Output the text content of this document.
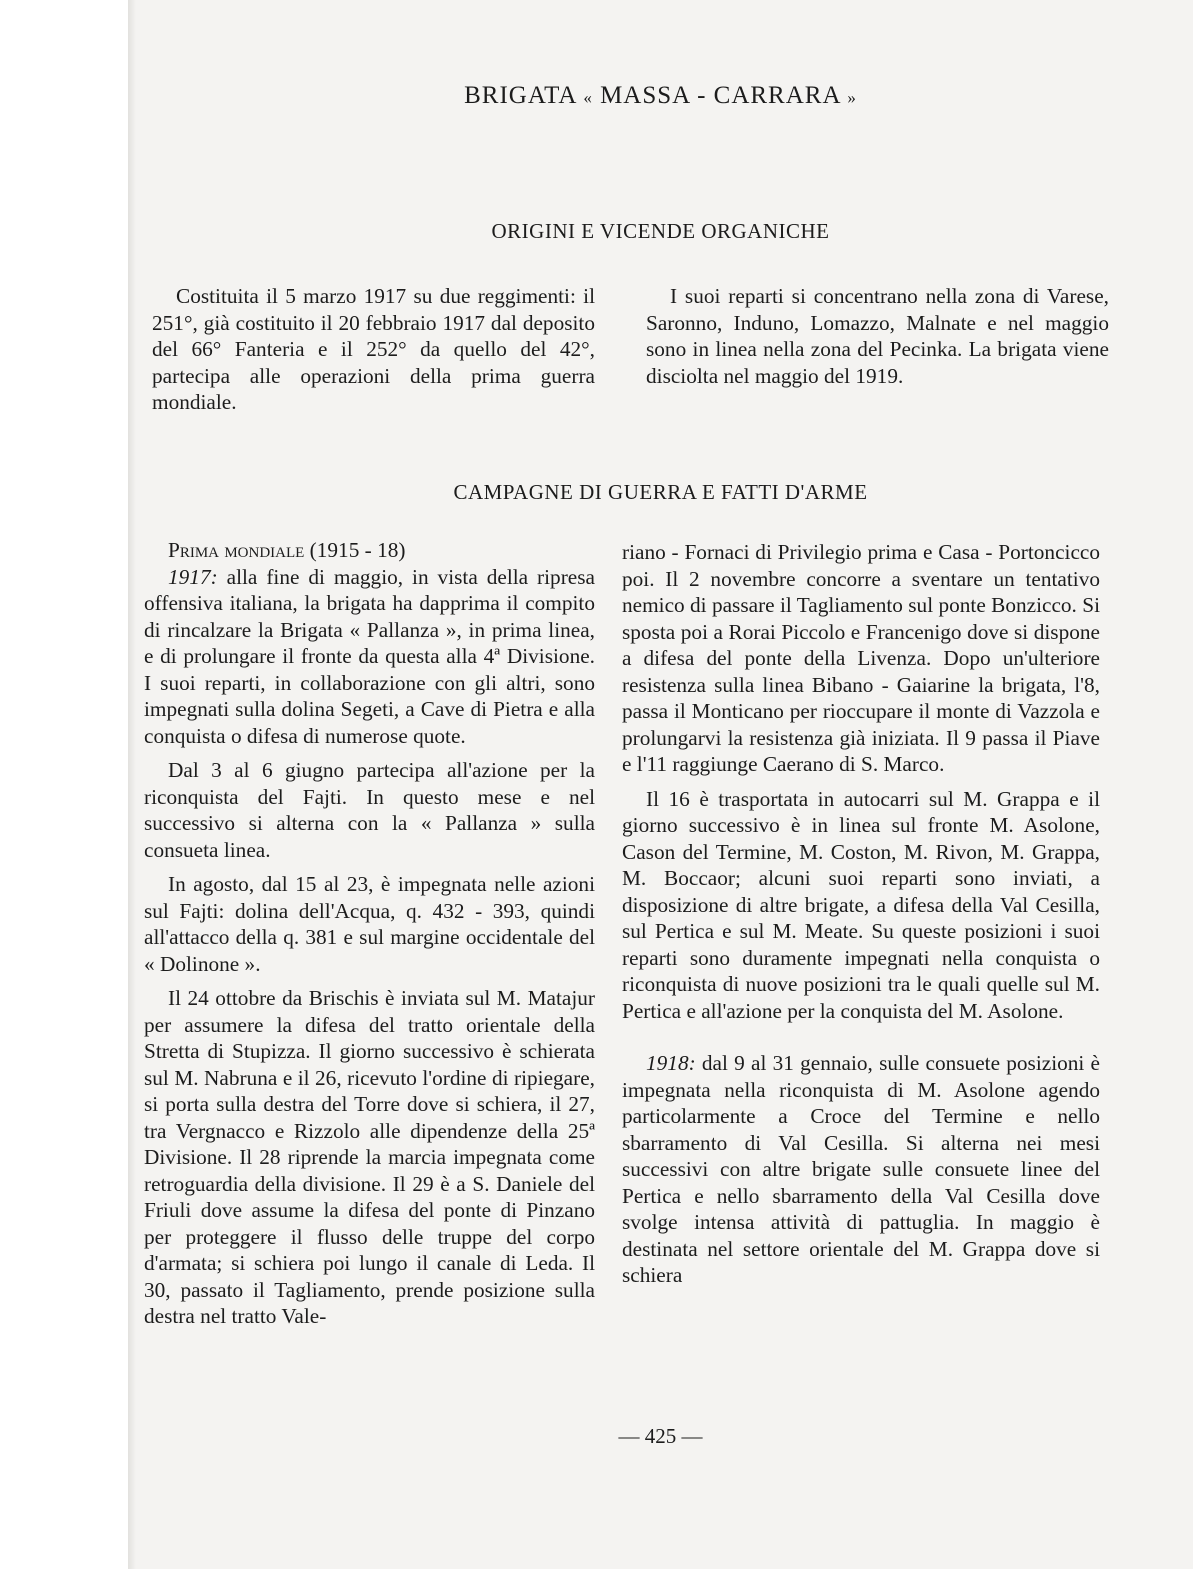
BRIGATA « MASSA - CARRARA »
ORIGINI E VICENDE ORGANICHE

Costituita il 5 marzo 1917 su due reggimenti: il 251°, già costituito il 20 febbraio 1917 dal deposito del 66° Fanteria e il 252° da quello del 42°, partecipa alle operazioni della prima guerra mondiale.

I suoi reparti si concentrano nella zona di Varese, Saronno, Induno, Lomazzo, Malnate e nel maggio sono in linea nella zona del Pecinka. La brigata viene disciolta nel maggio del 1919.

CAMPAGNE DI GUERRA E FATTI D'ARME

Prima mondiale (1915 - 18)

1917: alla fine di maggio, in vista della ripresa offensiva italiana, la brigata ha dapprima il compito di rincalzare la Brigata « Pallanza », in prima linea, e di prolungare il fronte da questa alla 4ª Divisione. I suoi reparti, in collaborazione con gli altri, sono impegnati sulla dolina Segeti, a Cave di Pietra e alla conquista o difesa di numerose quote.

Dal 3 al 6 giugno partecipa all'azione per la riconquista del Fajti. In questo mese e nel successivo si alterna con la « Pallanza » sulla consueta linea.

In agosto, dal 15 al 23, è impegnata nelle azioni sul Fajti: dolina dell'Acqua, q. 432 - 393, quindi all'attacco della q. 381 e sul margine occidentale del « Dolinone ».

Il 24 ottobre da Brischis è inviata sul M. Matajur per assumere la difesa del tratto orientale della Stretta di Stupizza. Il giorno successivo è schierata sul M. Nabruna e il 26, ricevuto l'ordine di ripiegare, si porta sulla destra del Torre dove si schiera, il 27, tra Vergnacco e Rizzolo alle dipendenze della 25ª Divisione. Il 28 riprende la marcia impegnata come retroguardia della divisione. Il 29 è a S. Daniele del Friuli dove assume la difesa del ponte di Pinzano per proteggere il flusso delle truppe del corpo d'armata; si schiera poi lungo il canale di Leda. Il 30, passato il Tagliamento, prende posizione sulla destra nel tratto Vale-

riano - Fornaci di Privilegio prima e Casa - Portoncicco poi. Il 2 novembre concorre a sventare un tentativo nemico di passare il Tagliamento sul ponte Bonzicco. Si sposta poi a Rorai Piccolo e Francenigo dove si dispone a difesa del ponte della Livenza. Dopo un'ulteriore resistenza sulla linea Bibano - Gaiarine la brigata, l'8, passa il Monticano per rioccupare il monte di Vazzola e prolungarvi la resistenza già iniziata. Il 9 passa il Piave e l'11 raggiunge Caerano di S. Marco.

Il 16 è trasportata in autocarri sul M. Grappa e il giorno successivo è in linea sul fronte M. Asolone, Cason del Termine, M. Coston, M. Rivon, M. Grappa, M. Boccaor; alcuni suoi reparti sono inviati, a disposizione di altre brigate, a difesa della Val Cesilla, sul Pertica e sul M. Meate. Su queste posizioni i suoi reparti sono duramente impegnati nella conquista o riconquista di nuove posizioni tra le quali quelle sul M. Pertica e all'azione per la conquista del M. Asolone.

1918: dal 9 al 31 gennaio, sulle consuete posizioni è impegnata nella riconquista di M. Asolone agendo particolarmente a Croce del Termine e nello sbarramento di Val Cesilla. Si alterna nei mesi successivi con altre brigate sulle consuete linee del Pertica e nello sbarramento della Val Cesilla dove svolge intensa attività di pattuglia. In maggio è destinata nel settore orientale del M. Grappa dove si schiera

— 425 —
